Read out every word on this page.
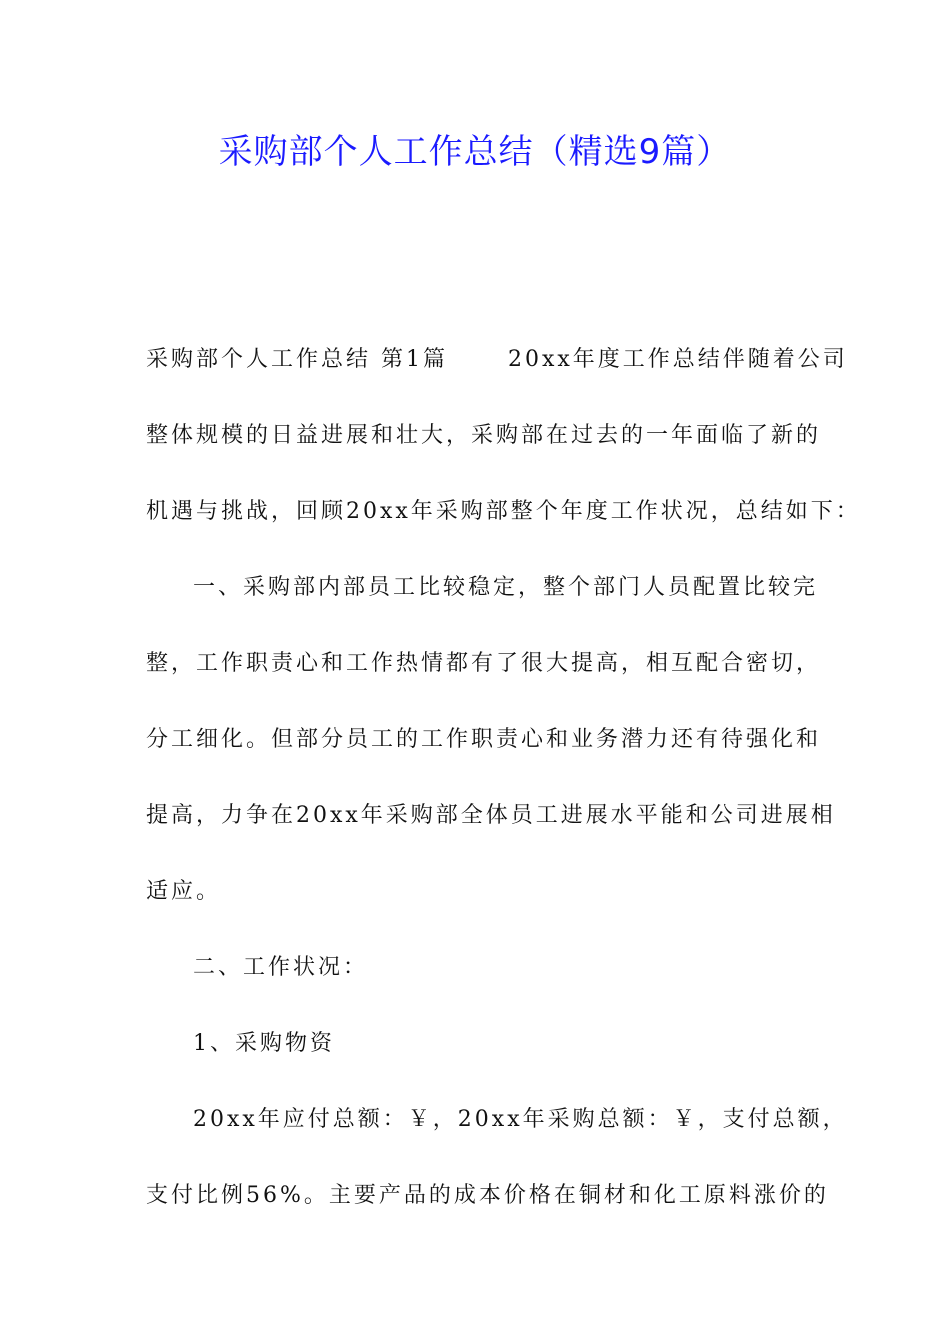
采购部个人工作总结（精选9篇）
采购部个人工作总结 第1篇　　 20xx年度工作总结伴随着公司
整体规模的日益进展和壮大，采购部在过去的一年面临了新的
机遇与挑战，回顾20xx年采购部整个年度工作状况，总结如下：
一、采购部内部员工比较稳定，整个部门人员配置比较完
整，工作职责心和工作热情都有了很大提高，相互配合密切，
分工细化。但部分员工的工作职责心和业务潜力还有待强化和
提高，力争在20xx年采购部全体员工进展水平能和公司进展相
适应。
二、工作状况：
1、采购物资
20xx年应付总额：￥，20xx年采购总额：￥，支付总额，
支付比例56%。主要产品的成本价格在铜材和化工原料涨价的
